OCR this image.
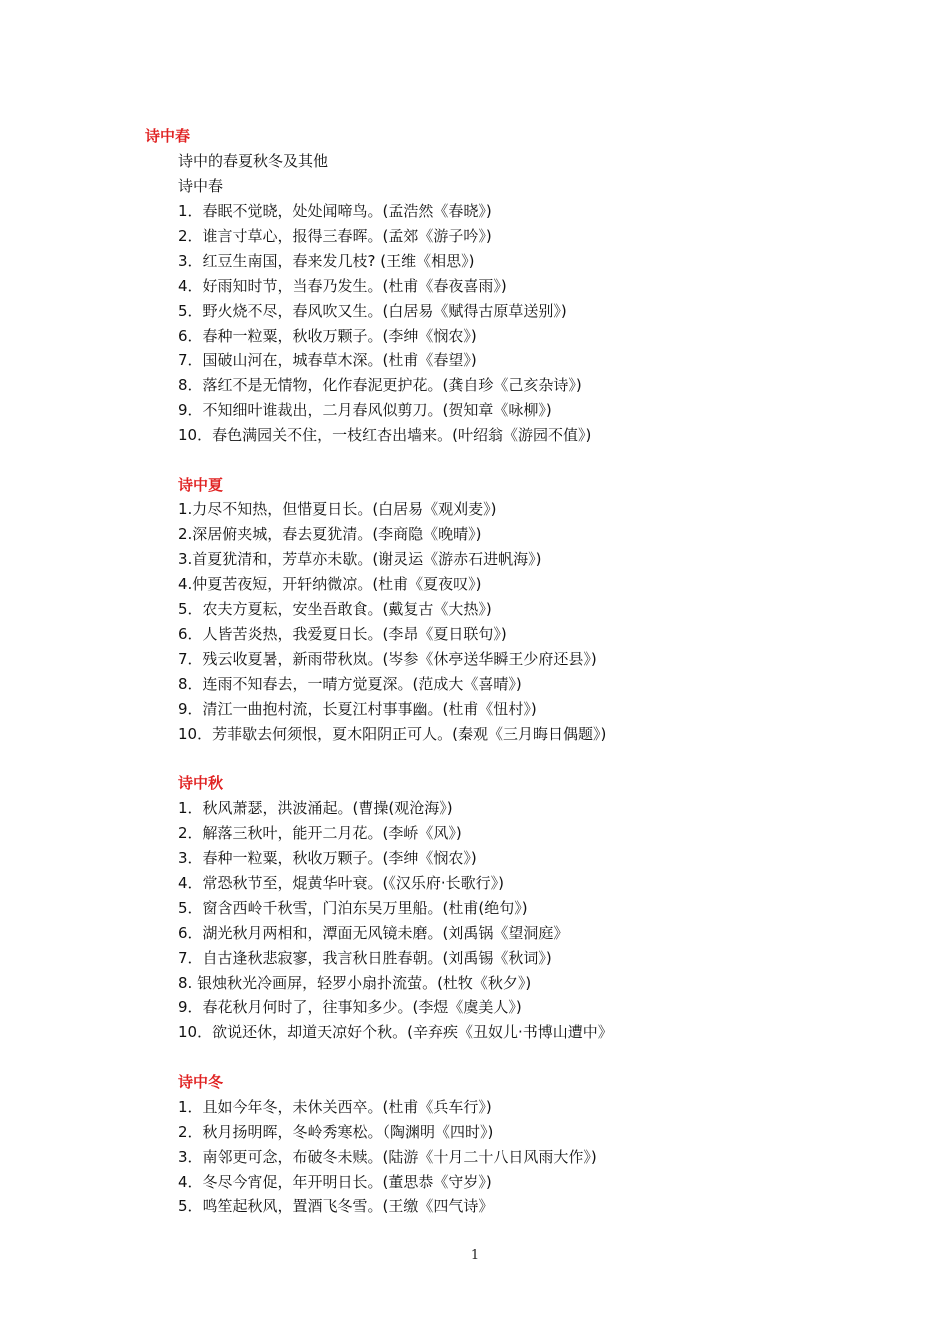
诗中春
诗中的春夏秋冬及其他
诗中春
1．春眠不觉晓，处处闻啼鸟。(孟浩然《春晓》)
2．谁言寸草心，报得三春晖。(孟郊《游子吟》)
3．红豆生南国，春来发几枝? (王维《相思》)
4．好雨知时节，当春乃发生。(杜甫《春夜喜雨》)
5．野火烧不尽，春风吹又生。(白居易《赋得古原草送别》)
6．春种一粒粟，秋收万颗子。(李绅《悯农》)
7．国破山河在，城春草木深。(杜甫《春望》)
8．落红不是无情物，化作春泥更护花。(龚自珍《己亥杂诗》)
9．不知细叶谁裁出，二月春风似剪刀。(贺知章《咏柳》)
10．春色满园关不住，一枝红杏出墙来。(叶绍翁《游园不值》)
诗中夏
1.力尽不知热，但惜夏日长。(白居易《观刈麦》)
2.深居俯夹城，春去夏犹清。(李商隐《晚晴》)
3.首夏犹清和，芳草亦未歇。(谢灵运《游赤石进帆海》)
4.仲夏苦夜短，开轩纳微凉。(杜甫《夏夜叹》)
5．农夫方夏耘，安坐吾敢食。(戴复古《大热》)
6．人皆苦炎热，我爱夏日长。(李昂《夏日联句》)
7．残云收夏暑，新雨带秋岚。(岑参《休亭送华瞬王少府还县》)
8．连雨不知春去，一晴方觉夏深。(范成大《喜晴》)
9．清江一曲抱村流，长夏江村事事幽。(杜甫《忸村》)
10．芳菲歇去何须恨，夏木阳阴正可人。(秦观《三月晦日偶题》)
诗中秋
1．秋风萧瑟，洪波涌起。(曹操(观沧海》)
2．解落三秋叶，能开二月花。(李峤《风》)
3．春种一粒粟，秋收万颗子。(李绅《悯农》)
4．常恐秋节至，焜黄华叶衰。(《汉乐府·长歌行》)
5．窗含西岭千秋雪，门泊东吴万里船。(杜甫(绝句》)
6．湖光秋月两相和，潭面无风镜未磨。(刘禹锅《望洞庭》
7．自古逢秋悲寂寥，我言秋日胜春朝。(刘禹锡《秋词》)
8. 银烛秋光冷画屏，轻罗小扇扑流萤。(杜牧《秋夕》)
9．春花秋月何时了，往事知多少。(李煜《虞美人》)
10．欲说还休，却道天凉好个秋。(辛弃疾《丑奴儿·书博山遭中》
诗中冬
1．且如今年冬，未休关西卒。(杜甫《兵车行》)
2．秋月扬明晖，冬岭秀寒松。（陶渊明《四时》)
3．南邻更可念，布破冬未赎。(陆游《十月二十八日风雨大作》)
4．冬尽今宵促，年开明日长。(董思恭《守岁》)
5．鸣笙起秋风，置酒飞冬雪。(王缴《四气诗》
1
